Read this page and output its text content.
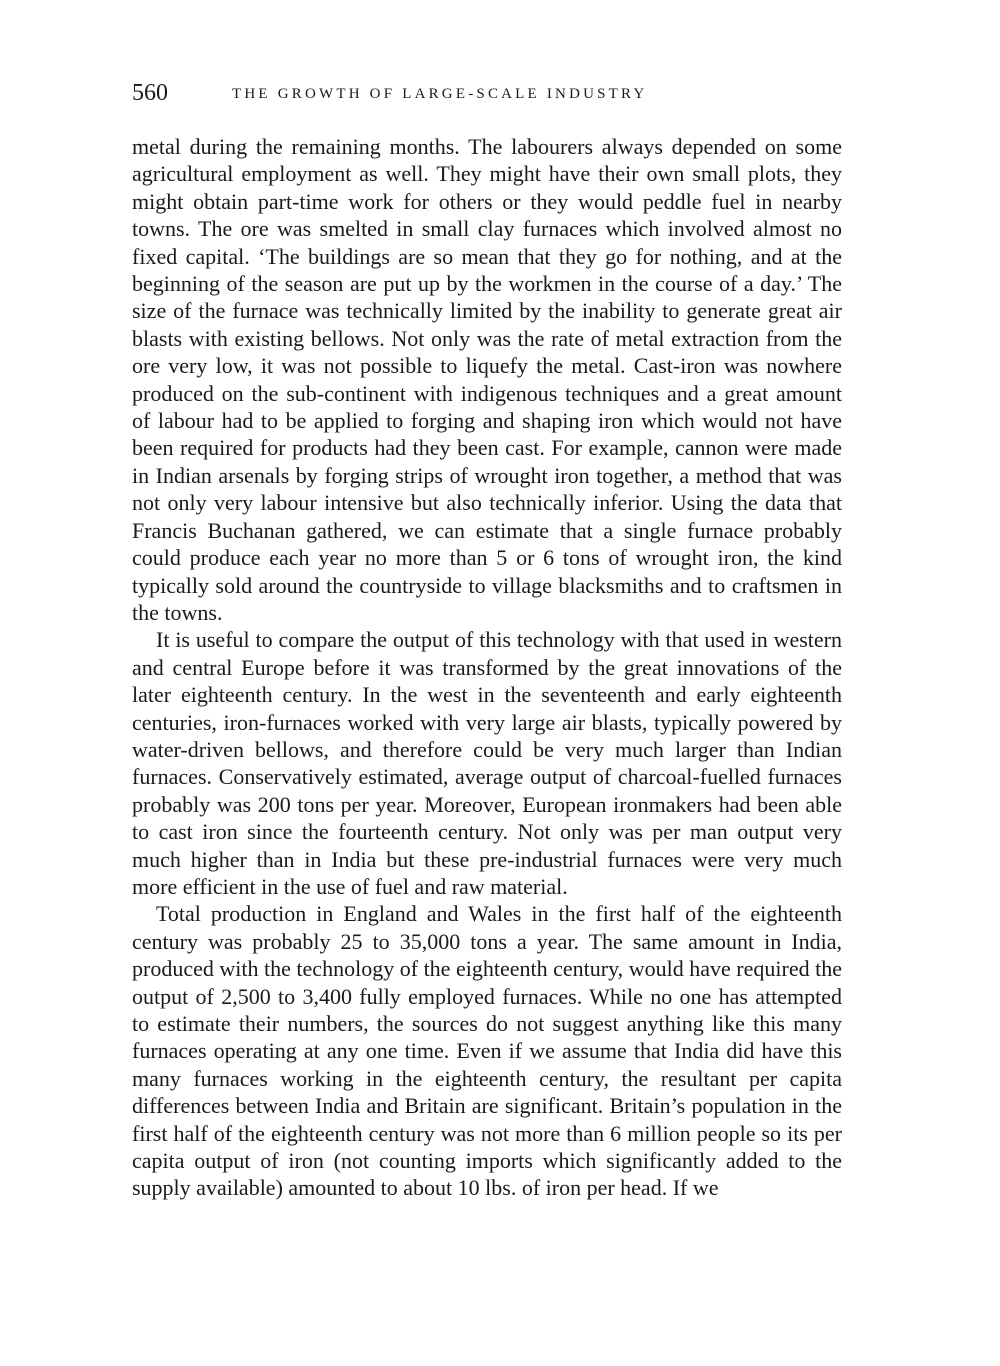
560	THE GROWTH OF LARGE-SCALE INDUSTRY

metal during the remaining months. The labourers always depended on some agricultural employment as well. They might have their own small plots, they might obtain part-time work for others or they would peddle fuel in nearby towns. The ore was smelted in small clay furnaces which involved almost no fixed capital. ‘The buildings are so mean that they go for nothing, and at the beginning of the season are put up by the workmen in the course of a day.’ The size of the furnace was technically limited by the inability to generate great air blasts with existing bellows. Not only was the rate of metal extraction from the ore very low, it was not possible to liquefy the metal. Cast-iron was nowhere produced on the sub-continent with indigenous techniques and a great amount of labour had to be applied to forging and shaping iron which would not have been required for products had they been cast. For example, cannon were made in Indian arsenals by forging strips of wrought iron together, a method that was not only very labour intensive but also technically inferior. Using the data that Francis Buchanan gathered, we can estimate that a single furnace probably could produce each year no more than 5 or 6 tons of wrought iron, the kind typically sold around the countryside to village blacksmiths and to craftsmen in the towns.

It is useful to compare the output of this technology with that used in western and central Europe before it was transformed by the great innovations of the later eighteenth century. In the west in the seventeenth and early eighteenth centuries, iron-furnaces worked with very large air blasts, typically powered by water-driven bellows, and therefore could be very much larger than Indian furnaces. Conservatively estimated, average output of charcoal-fuelled furnaces probably was 200 tons per year. Moreover, European ironmakers had been able to cast iron since the fourteenth century. Not only was per man output very much higher than in India but these pre-industrial furnaces were very much more efficient in the use of fuel and raw material.

Total production in England and Wales in the first half of the eighteenth century was probably 25 to 35,000 tons a year. The same amount in India, produced with the technology of the eighteenth century, would have required the output of 2,500 to 3,400 fully employed furnaces. While no one has attempted to estimate their numbers, the sources do not suggest anything like this many furnaces operating at any one time. Even if we assume that India did have this many furnaces working in the eighteenth century, the resultant per capita differences between India and Britain are significant. Britain’s population in the first half of the eighteenth century was not more than 6 million people so its per capita output of iron (not counting imports which significantly added to the supply available) amounted to about 10 lbs. of iron per head. If we
